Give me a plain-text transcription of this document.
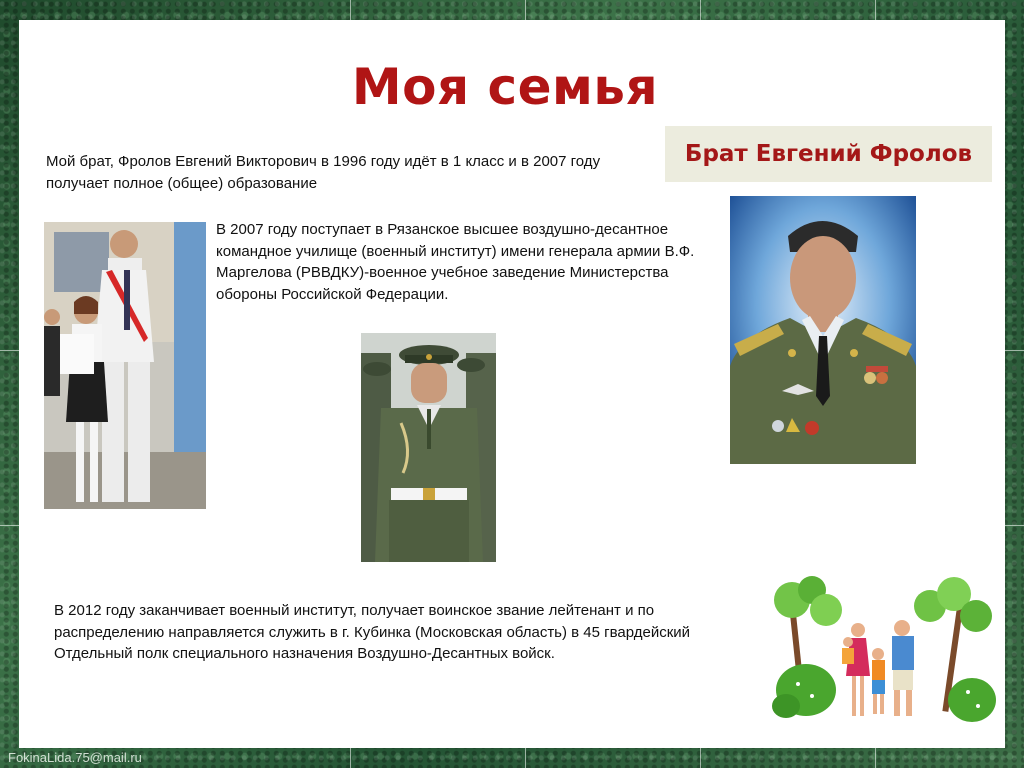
Моя семья
Брат Евгений Фролов
Мой брат, Фролов Евгений Викторович в 1996 году идёт в 1 класс и в 2007 году получает полное (общее) образование
В 2007 году поступает в Рязанское высшее воздушно-десантное командное училище (военный институт) имени генерала армии В.Ф. Маргелова (РВВДКУ)-военное учебное заведение Министерства обороны Российской Федерации.
В 2012 году заканчивает военный институт, получает воинское звание лейтенант и по распределению направляется служить в г. Кубинка (Московская область) в 45 гвардейский Отдельный полк специального назначения Воздушно-Десантных войск.
FokinaLida.75@mail.ru
